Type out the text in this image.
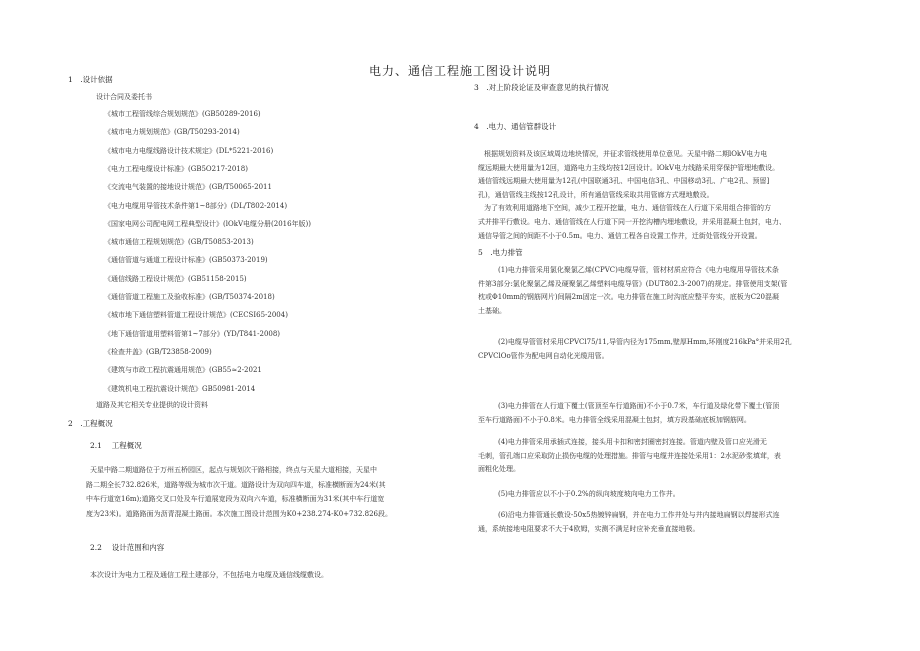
电力、通信工程施工图设计说明
1　.设计依据
设计合同及委托书
《城市工程管线综合规划规范》(GB50289-2016)
《城市电力规划规范》(GB/T50293-2014)
《城市电力电缆线路设计技术规定》(DL*5221-2016)
《电力工程电缆设计标准》(GB5O217-2018)
《交流电气装置的接地设计规范》(GB/T50065-2011
《电力电缆用导管技术条件第1~8部分》(DL/T802-2014)
《国家电网公司配电网工程典型设计》(lOkV电缆分册(2016年版))
《城市通信工程规划规范》(GB/T50853-2013)
《通信管道与通道工程设计标准》(GB50373-2019)
《通信线路工程设计规范》(GB51158-2015)
《通信管道工程施工及验收标准》(GB/T50374-2018)
《城市地下通信塑料管道工程设计规范》(CECSI65-2004)
《地下通信管道用塑料管第1~7部分》(YD/T841-2008)
《检查井盖》(GB/T23858-2009)
《建筑与市政工程抗震通用规范》(GB55≈2-2021
《建筑机电工程抗震设计规范》GB50981-2014
道路及其它相关专业提供的设计资料
2　.工程概况
2.1　 工程概况
天星中路二期道路位于万州五桥园区，起点与规划次干路相接，终点与天星大道相接，天星中
路二期全长732.826米，道路等级为城市次干道。道路设计为双向四车道，标准横断面为24米(其
中车行道宽16m);道路交叉口处及车行道展宽段为双向六车道，标准横断面为31米(其中车行道宽
度为23米)。道路路面为沥青混凝土路面。本次施工图设计范围为K0+238.274-K0+732.826段。
2.2　 设计范围和内容
本次设计为电力工程及通信工程土建部分，不包括电力电缆及通信线缆敷设。
3　.对上阶段论证及审查意见的执行情况
4　.电力、通信管群设计
根据规划资料及该区域周边地块情况，并征求管线使用单位意见。天星中路二期lOkV电力电
缆远期最大使用量为12回，道路电力主线均按12回设计。lOkV电力线路采用穿保护管埋地敷设。
通信管线远期最大使用量为12孔(中国联通3孔、中国电信3孔、中国移动3孔、广电2孔、预留]
孔)，通信管线主线按12孔设计，所有通信管线采取共用管廊方式埋地敷设。
为了有效利用道路地下空间，减少工程开挖量，电力、通信管线在人行道下采用组合排管的方
式并排平行敷设。电力、通信管线在人行道下同一开挖沟槽内埋地敷设，并采用混凝土包封，电力、
通信导管之间的间距不小于0.5m。电力、通信工程各自设置工作井，迁街处管线分开设置。
5　.电力排管
(1)电力排管采用氯化聚氯乙烯(CPVC)电缆导管，管材材质应符合《电力电缆用导管技术条
件第3部分:氯化聚氯乙烯及硬聚氯乙烯塑料电缆导管》(DUT802.3-2007)的规定。排管使用支架(管
枕或Φ10mm的钢筋网片)间隔2m固定一次。电力排管在施工时沟底应整平夯实，底板为C20混凝
土基础。
(2)电缆导管管材采用CPVCl75/11,导管内径为175mm,壁厚Hmm,环刚度216kPa°并采用2孔
CPVClOo管作为配电网自动化光缆用管。
(3)电力排管在人行道下覆土(管顶至车行道路面)不小于0.7米，车行道及绿化带下覆土(管顶
至车行道路面)不小于0.8米。电力排管全线采用混凝土包封，填方段基础底板加钢筋网。
(4)电力排管采用承插式连接，接头用卡扣和密封圈密封连接。管道内壁及管口应光滑无
毛刺，管孔端口应采取防止损伤电缆的处理措施。排管与电缆井连接处采用1：2水泥砂浆填茸，表
面粗化处理。
(5)电力排管应以不小于0.2%的纵向坡度坡向电力工作井。
(6)沿电力排管通长敷设-50x5热镀锌扁钢，并在电力工作井处与井内接地扁钢以焊接形式连
通，系统接地电阻要求不大于4欧姆，实测不满足时应补充垂直接地极。
